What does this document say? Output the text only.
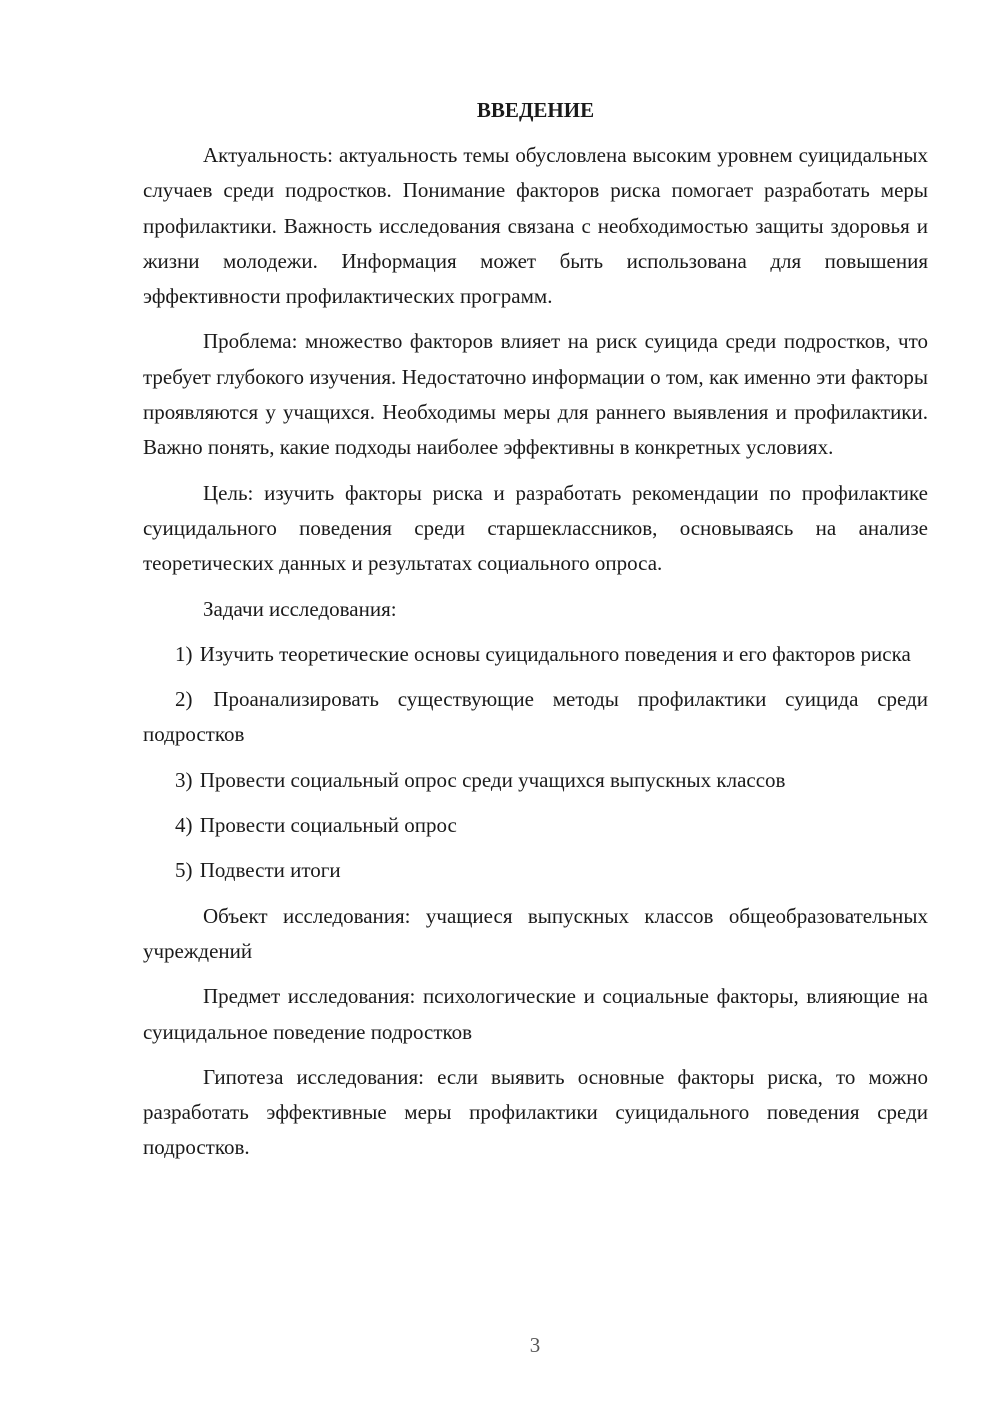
ВВЕДЕНИЕ

Актуальность: актуальность темы обусловлена высоким уровнем суицидальных случаев среди подростков. Понимание факторов риска помогает разработать меры профилактики. Важность исследования связана с необходимостью защиты здоровья и жизни молодежи. Информация может быть использована для повышения эффективности профилактических программ.

Проблема: множество факторов влияет на риск суицида среди подростков, что требует глубокого изучения. Недостаточно информации о том, как именно эти факторы проявляются у учащихся. Необходимы меры для раннего выявления и профилактики. Важно понять, какие подходы наиболее эффективны в конкретных условиях.

Цель: изучить факторы риска и разработать рекомендации по профилактике суицидального поведения среди старшеклассников, основываясь на анализе теоретических данных и результатах социального опроса.

Задачи исследования:

1) Изучить теоретические основы суицидального поведения и его факторов риска

2) Проанализировать существующие методы профилактики суицида среди подростков

3) Провести социальный опрос среди учащихся выпускных классов

4) Провести социальный опрос

5) Подвести итоги

Объект исследования: учащиеся выпускных классов общеобразовательных учреждений

Предмет исследования: психологические и социальные факторы, влияющие на суицидальное поведение подростков

Гипотеза исследования: если выявить основные факторы риска, то можно разработать эффективные меры профилактики суицидального поведения среди подростков.

3
